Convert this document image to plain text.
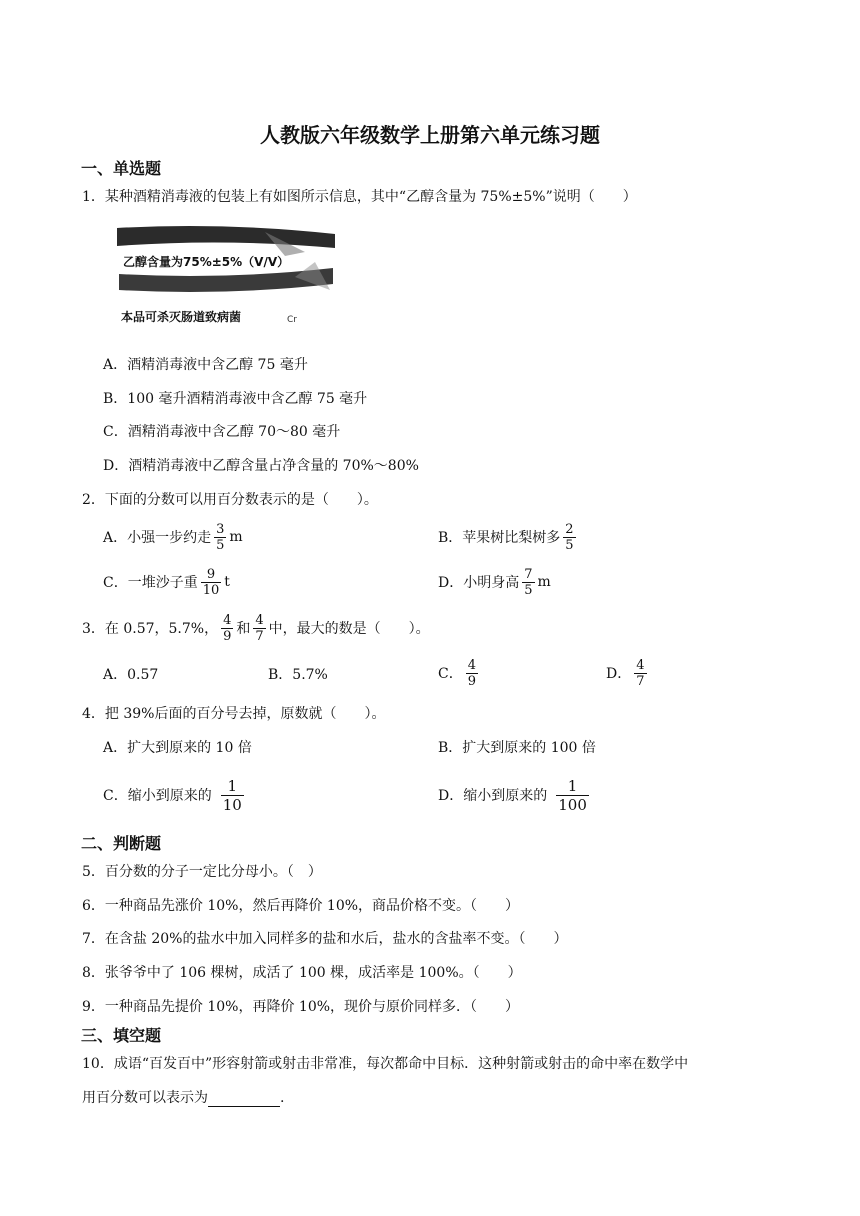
人教版六年级数学上册第六单元练习题
一、单选题
1．某种酒精消毒液的包装上有如图所示信息，其中“乙醇含量为 75%±5%”说明（　　）
乙醇含量为75%±5%（V/V）
本品可杀灭肠道致病菌	Cr
A．酒精消毒液中含乙醇 75 毫升
B．100 毫升酒精消毒液中含乙醇 75 毫升
C．酒精消毒液中含乙醇 70～80 毫升
D．酒精消毒液中乙醇含量占净含量的 70%～80%
2．下面的分数可以用百分数表示的是（　　）。
A．小强一步约走 $\frac{3}{5}$ m	B．苹果树比梨树多 $\frac{2}{5}$
C．一堆沙子重 $\frac{9}{10}$ t	D．小明身高 $\frac{7}{5}$ m
3．在 0.57，5.7%， $\frac{4}{9}$ 和 $\frac{4}{7}$ 中，最大的数是（　　）。
A．0.57	B．5.7%	C． $\frac{4}{9}$	D． $\frac{4}{7}$
4．把 39%后面的百分号去掉，原数就（　　）。
A．扩大到原来的 10 倍	B．扩大到原来的 100 倍
C．缩小到原来的 $\frac{1}{10}$	D．缩小到原来的 $\frac{1}{100}$
二、判断题
5．百分数的分子一定比分母小。（　）
6．一种商品先涨价 10%，然后再降价 10%，商品价格不变。（　　）
7．在含盐 20%的盐水中加入同样多的盐和水后，盐水的含盐率不变。（　　）
8．张爷爷中了 106 棵树，成活了 100 棵，成活率是 100%。（　　）
9．一种商品先提价 10%，再降价 10%，现价与原价同样多．（　　）
三、填空题
10．成语“百发百中”形容射箭或射击非常准，每次都命中目标．这种射箭或射击的命中率在数学中
用百分数可以表示为	.
